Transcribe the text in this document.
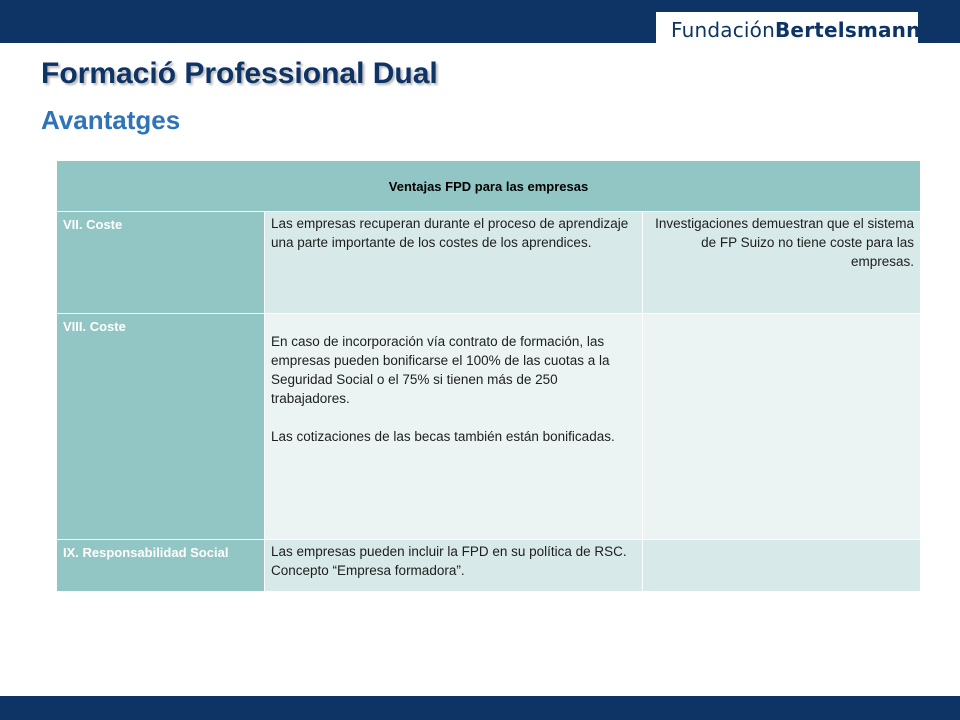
FundaciónBertelsmann
Formació Professional Dual
Avantatges
Ventajas FPD para las empresas		
VII. Coste	Las empresas recuperan durante el proceso de aprendizaje una parte importante de los costes de los aprendices.	Investigaciones demuestran que el sistema de FP Suizo no tiene coste para las empresas.
VIII. Coste	En caso de incorporación vía contrato de formación, las empresas pueden bonificarse el 100% de las cuotas a la Seguridad Social o el 75% si tienen más de 250 trabajadores.

Las cotizaciones de las becas también están bonificadas.	

IX. Responsabilidad Social	Las empresas pueden incluir la FPD en su política de RSC. Concepto “Empresa formadora”.	
